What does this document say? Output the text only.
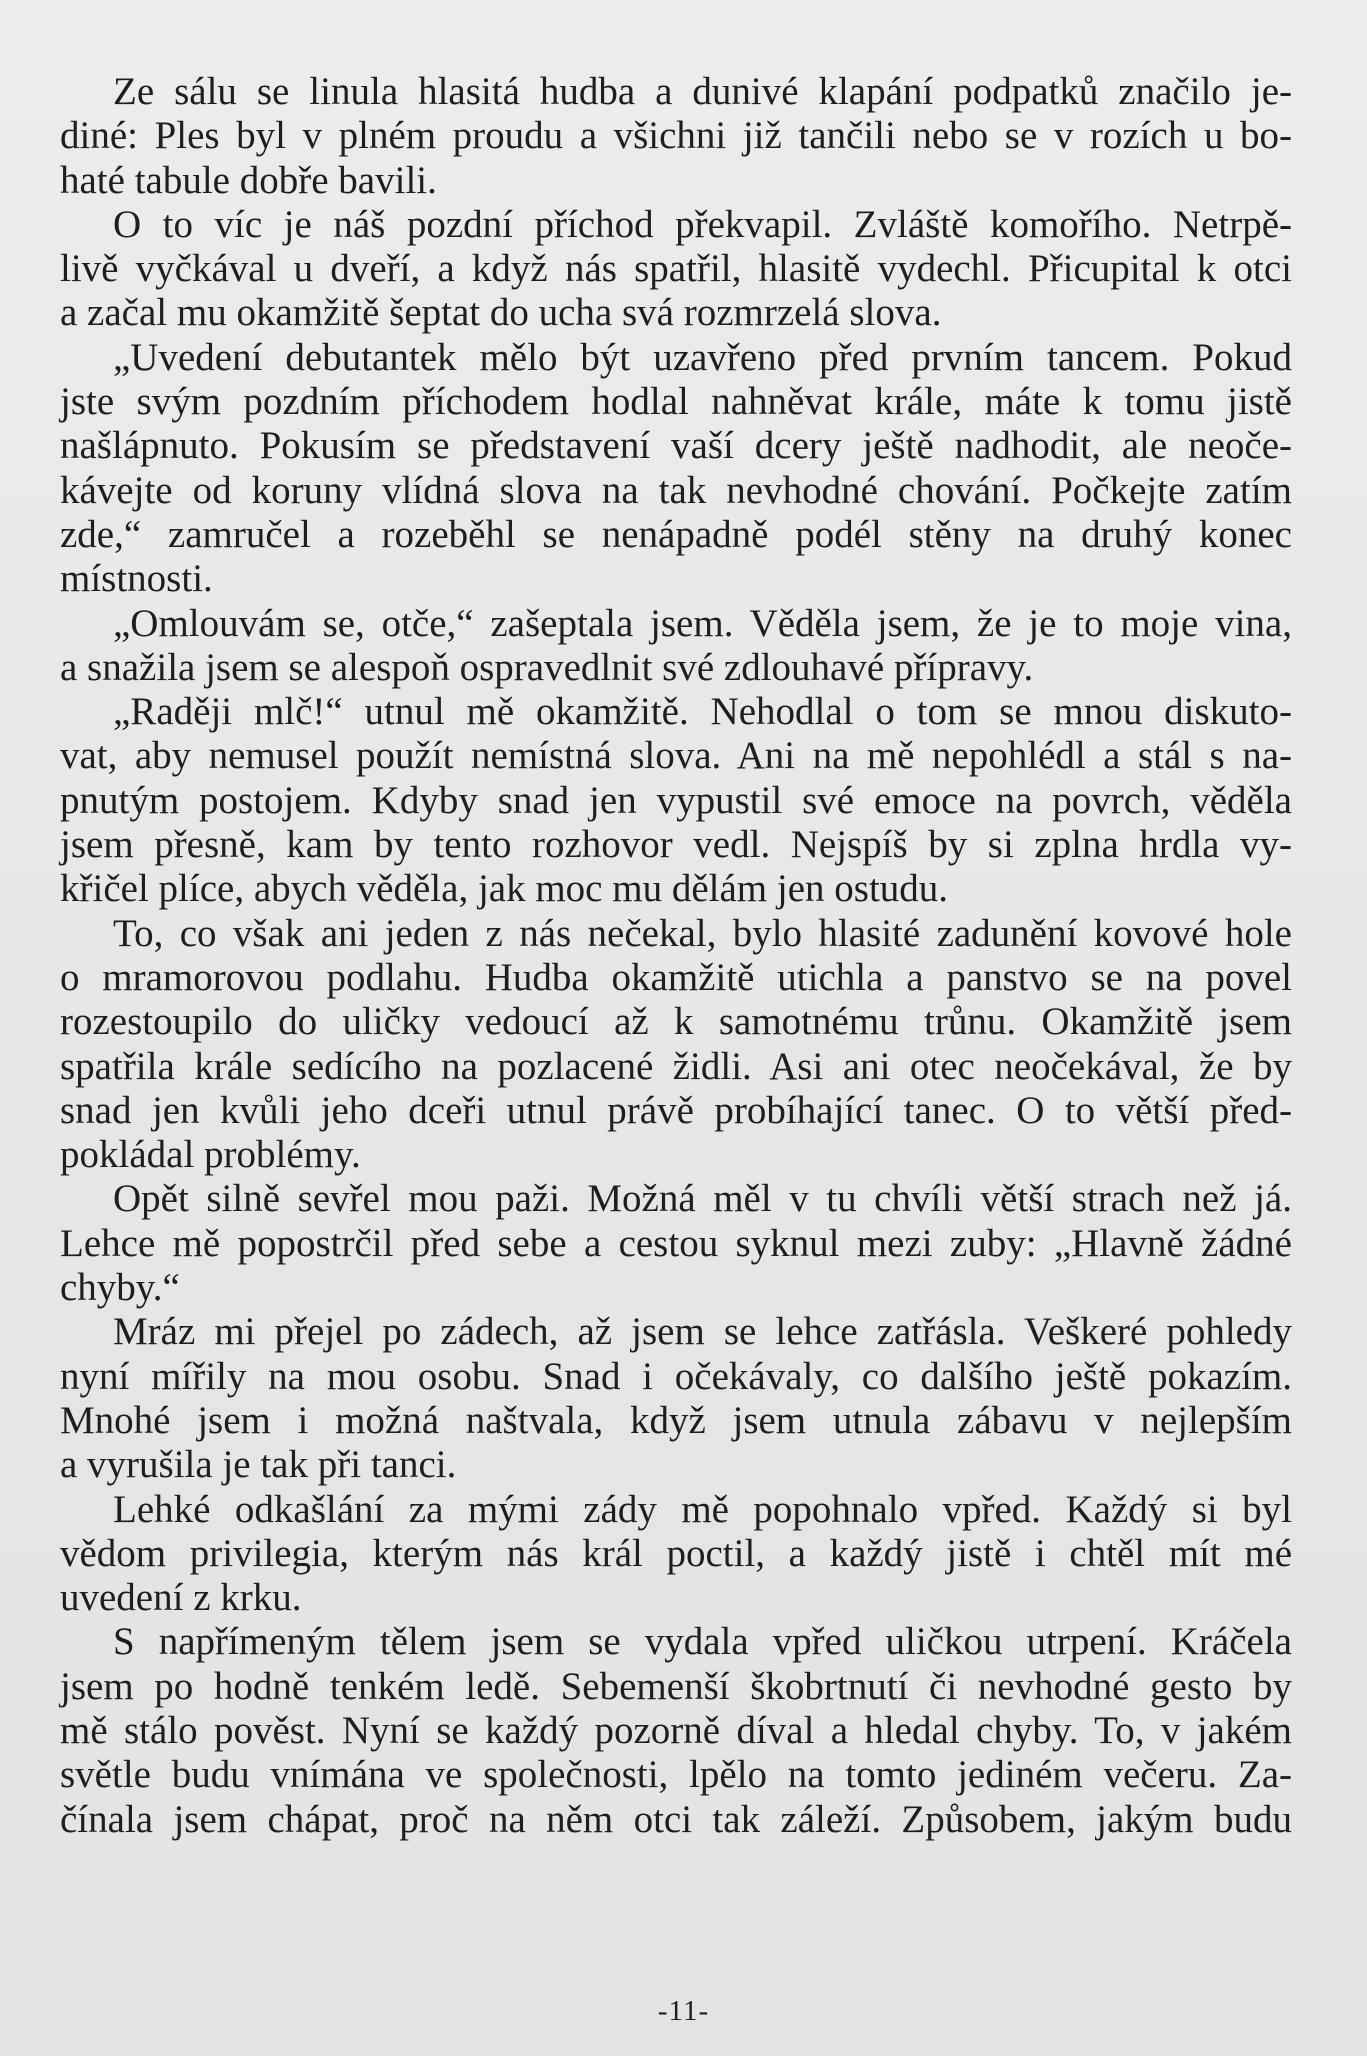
Ze sálu se linula hlasitá hudba a dunivé klapání podpatků značilo je-
diné: Ples byl v plném proudu a všichni již tančili nebo se v rozích u bo-
haté tabule dobře bavili.
O to víc je náš pozdní příchod překvapil. Zvláště komořího. Netrpě-
livě vyčkával u dveří, a když nás spatřil, hlasitě vydechl. Přicupital k otci
a začal mu okamžitě šeptat do ucha svá rozmrzelá slova.
„Uvedení debutantek mělo být uzavřeno před prvním tancem. Pokud
jste svým pozdním příchodem hodlal nahněvat krále, máte k tomu jistě
našlápnuto. Pokusím se představení vaší dcery ještě nadhodit, ale neoče-
kávejte od koruny vlídná slova na tak nevhodné chování. Počkejte zatím
zde,“ zamručel a rozeběhl se nenápadně podél stěny na druhý konec
místnosti.
„Omlouvám se, otče,“ zašeptala jsem. Věděla jsem, že je to moje vina,
a snažila jsem se alespoň ospravedlnit své zdlouhavé přípravy.
„Raději mlč!“ utnul mě okamžitě. Nehodlal o tom se mnou diskuto-
vat, aby nemusel použít nemístná slova. Ani na mě nepohlédl a stál s na-
pnutým postojem. Kdyby snad jen vypustil své emoce na povrch, věděla
jsem přesně, kam by tento rozhovor vedl. Nejspíš by si zplna hrdla vy-
křičel plíce, abych věděla, jak moc mu dělám jen ostudu.
To, co však ani jeden z nás nečekal, bylo hlasité zadunění kovové hole
o mramorovou podlahu. Hudba okamžitě utichla a panstvo se na povel
rozestoupilo do uličky vedoucí až k samotnému trůnu. Okamžitě jsem
spatřila krále sedícího na pozlacené židli. Asi ani otec neočekával, že by
snad jen kvůli jeho dceři utnul právě probíhající tanec. O to větší před-
pokládal problémy.
Opět silně sevřel mou paži. Možná měl v tu chvíli větší strach než já.
Lehce mě popostrčil před sebe a cestou syknul mezi zuby: „Hlavně žádné
chyby.“
Mráz mi přejel po zádech, až jsem se lehce zatřásla. Veškeré pohledy
nyní mířily na mou osobu. Snad i očekávaly, co dalšího ještě pokazím.
Mnohé jsem i možná naštvala, když jsem utnula zábavu v nejlepším
a vyrušila je tak při tanci.
Lehké odkašlání za mými zády mě popohnalo vpřed. Každý si byl
vědom privilegia, kterým nás král poctil, a každý jistě i chtěl mít mé
uvedení z krku.
S napřímeným tělem jsem se vydala vpřed uličkou utrpení. Kráčela
jsem po hodně tenkém ledě. Sebemenší škobrtnutí či nevhodné gesto by
mě stálo pověst. Nyní se každý pozorně díval a hledal chyby. To, v jakém
světle budu vnímána ve společnosti, lpělo na tomto jediném večeru. Za-
čínala jsem chápat, proč na něm otci tak záleží. Způsobem, jakým budu
-11-
